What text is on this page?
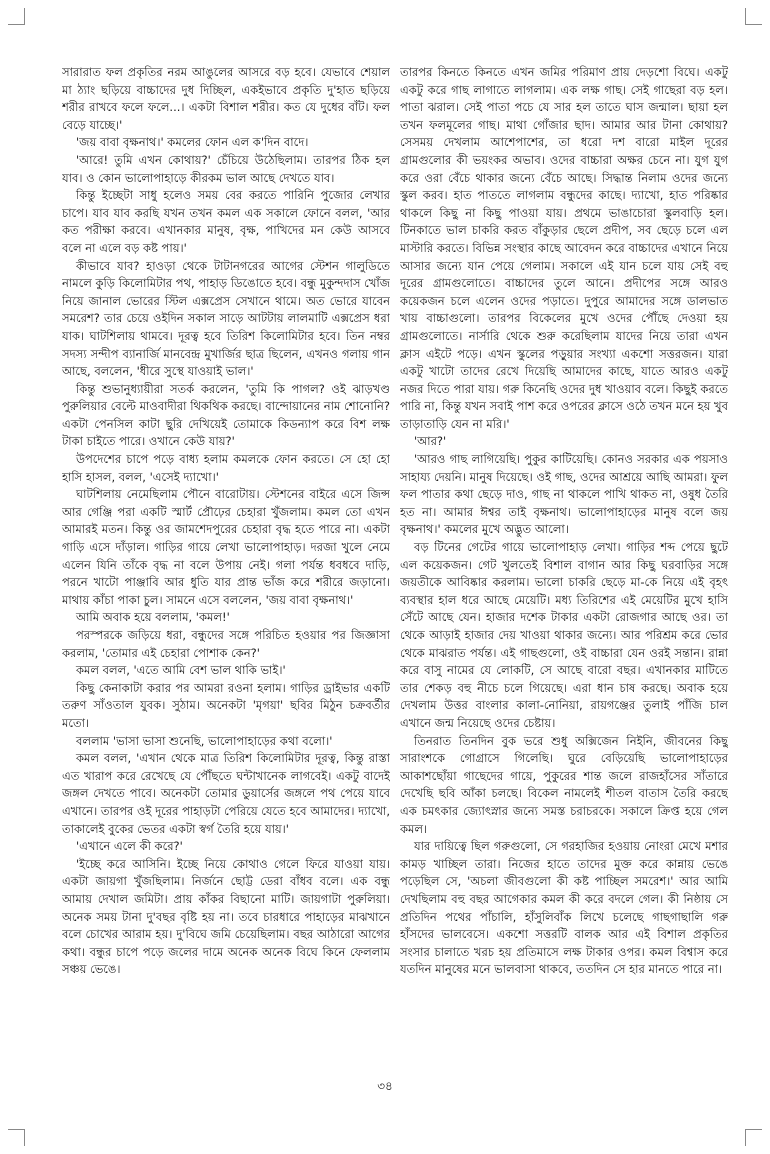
সারারাত ফল প্রকৃতির নরম আঙুলের আসরে বড় হবে। যেভাবে শেয়াল মা ঠ্যাং ছড়িয়ে বাচ্চাদের দুধ দিচ্ছিল, একইভাবে প্রকৃতি দু'হাত ছড়িয়ে শরীর রাখবে ফলে ফলে...। একটা বিশাল শরীর। কত যে দুধের বাঁট। ফল বেড়ে যাচ্ছে।'

'জয় বাবা বৃক্ষনাথ।' কমলের ফোন এল ক'দিন বাদে।

'আরে! তুমি এখন কোথায়?' চেঁচিয়ে উঠেছিলাম। তারপর ঠিক হল যাব। ও কোন ভালোপাহাড়ে কীরকম ভাল আছে দেখতে যাব।

কিন্তু ইচ্ছেটা সাধু হলেও সময় বের করতে পারিনি পুজোর লেখার চাপে। যাব যাব করছি যখন তখন কমল এক সকালে ফোনে বলল, 'আর কত পরীক্ষা করবে। এখানকার মানুষ, বৃক্ষ, পাখিদের মন কেউ আসবে বলে না এলে বড় কষ্ট পায়।'

কীভাবে যাব? হাওড়া থেকে টাটানগরের আগের স্টেশন গালুডিতে নামলে কুড়ি কিলোমিটার পথ, পাহাড় ডিঙোতে হবে। বন্ধু মুকুন্দদাস খোঁজ নিয়ে জানাল ভোরের স্টিল এক্সপ্রেস সেখানে থামে। অত ভোরে যাবেন সমরেশ? তার চেয়ে ওইদিন সকাল সাড়ে আটটায় লালমাটি এক্সপ্রেস ধরা যাক। ঘাটশিলায় থামবে। দূরত্ব হবে তিরিশ কিলোমিটার হবে। তিন নম্বর সদস্য সন্দীপ ব্যানার্জি মানবেন্দ্র মুখার্জির ছাত্র ছিলেন, এখনও গলায় গান আছে, বললেন, 'ধীরে সুস্থে যাওয়াই ভাল।'

কিন্তু শুভানুধ্যায়ীরা সতর্ক করলেন, 'তুমি কি পাগল? ওই ঝাড়খণ্ড পুরুলিয়ার বেল্টে মাওবাদীরা থিকথিক করছে। বান্দোয়ানের নাম শোনোনি? একটা পেনসিল কাটা ছুরি দেখিয়েই তোমাকে কিডন্যাপ করে বিশ লক্ষ টাকা চাইতে পারে। ওখানে কেউ যায়?'

উপদেশের চাপে পড়ে বাধ্য হলাম কমলকে ফোন করতে। সে হো হো হাসি হাসল, বলল, 'এসেই দ্যাখো।'

ঘাটশিলায় নেমেছিলাম পৌনে বারোটায়। স্টেশনের বাইরে এসে জিন্স আর গেঞ্জি পরা একটি স্মার্ট প্রৌঢ়ের চেহারা খুঁজলাম। কমল তো এখন আমারই মতন। কিন্তু ওর জামশেদপুরের চেহারা বৃদ্ধ হতে পারে না। একটা গাড়ি এসে দাঁড়াল। গাড়ির গায়ে লেখা ভালোপাহাড়। দরজা খুলে নেমে এলেন যিনি তাঁকে বৃদ্ধ না বলে উপায় নেই। গলা পর্যন্ত ধবধবে দাড়ি, পরনে খাটো পাঞ্জাবি আর ধুতি যার প্রান্ত ভাঁজ করে শরীরে জড়ানো। মাথায় কাঁচা পাকা চুল। সামনে এসে বললেন, 'জয় বাবা বৃক্ষনাথ।'

আমি অবাক হয়ে বললাম, 'কমল!'

পরস্পরকে জড়িয়ে ধরা, বন্ধুদের সঙ্গে পরিচিত হওয়ার পর জিজ্ঞাসা করলাম, 'তোমার এই চেহারা পোশাক কেন?'

কমল বলল, 'এতে আমি বেশ ভাল থাকি ভাই।'

কিছু কেনাকাটা করার পর আমরা রওনা হলাম। গাড়ির ড্রাইভার একটি তরুণ সাঁওতাল যুবক। সুঠাম। অনেকটা 'মৃগয়া' ছবির মিঠুন চক্রবর্তীর মতো।

বললাম 'ভাসা ভাসা শুনেছি, ভালোপাহাড়ের কথা বলো।'

কমল বলল, 'এখান থেকে মাত্র তিরিশ কিলোমিটার দূরত্ব, কিন্তু রাস্তা এত খারাপ করে রেখেছে যে পৌঁছতে ঘন্টাখানেক লাগবেই। একটু বাদেই জঙ্গল দেখতে পাবে। অনেকটা তোমার ডুয়ার্সের জঙ্গলে পথ পেয়ে যাবে এখানে। তারপর ওই দূরের পাহাড়টা পেরিয়ে যেতে হবে আমাদের। দ্যাখো, তাকালেই বুকের ভেতর একটা স্বর্গ তৈরি হয়ে যায়।'

'এখানে এলে কী করে?'

'ইচ্ছে করে আসিনি। ইচ্ছে নিয়ে কোথাও গেলে ফিরে যাওয়া যায়। একটা জায়গা খুঁজছিলাম। নির্জনে ছোট্ট ডেরা বাঁধব বলে। এক বন্ধু আমায় দেখাল জমিটা। প্রায় কাঁকর বিছানো মাটি। জায়গাটা পুরুলিয়া। অনেক সময় টানা দু'বছর বৃষ্টি হয় না। তবে চারধারে পাহাড়ের মাঝখানে বলে চোখের আরাম হয়। দু'বিঘে জমি চেয়েছিলাম। বছর আঠারো আগের কথা। বন্ধুর চাপে পড়ে জলের দামে অনেক অনেক বিঘে কিনে ফেললাম সঞ্চয় ভেঙে।

তারপর কিনতে কিনতে এখন জমির পরিমাণ প্রায় দেড়শো বিঘে। একটু একটু করে গাছ লাগাতে লাগলাম। এক লক্ষ গাছ। সেই গাছেরা বড় হল। পাতা ঝরাল। সেই পাতা পচে যে সার হল তাতে ঘাস জন্মাল। ছায়া হল তখন ফলমূলের গাছ। মাথা গোঁজার ছাদ। আমার আর টানা কোথায়? সেসময় দেখলাম আশেপাশের, তা ধরো দশ বারো মাইল দূরের গ্রামগুলোর কী ভয়ংকর অভাব। ওদের বাচ্চারা অক্ষর চেনে না। যুগ যুগ করে ওরা বেঁচে থাকার জন্যে বেঁচে আছে। সিদ্ধান্ত নিলাম ওদের জন্যে স্কুল করব। হাত পাততে লাগলাম বন্ধুদের কাছে। দ্যাখো, হাত পরিষ্কার থাকলে কিছু না কিছু পাওয়া যায়। প্রথমে ভাঙাচোরা স্কুলবাড়ি হল। টিনকাতে ভাল চাকরি করত বাঁকুড়ার ছেলে প্রদীপ, সব ছেড়ে চলে এল মাস্টারি করতে। বিভিন্ন সংস্থার কাছে আবেদন করে বাচ্চাদের এখানে নিয়ে আসার জন্যে যান পেয়ে গেলাম। সকালে এই যান চলে যায় সেই বহু দূরের গ্রামগুলোতে। বাচ্চাদের তুলে আনে। প্রদীপের সঙ্গে আরও কয়েকজন চলে এলেন ওদের পড়াতে। দুপুরে আমাদের সঙ্গে ডালভাত খায় বাচ্চাগুলো। তারপর বিকেলের মুখে ওদের পৌঁছে দেওয়া হয় গ্রামগুলোতে। নার্সারি থেকে শুরু করেছিলাম যাদের নিয়ে তারা এখন ক্লাস এইটে পড়ে। এখন স্কুলের পড়ুয়ার সংখ্যা একশো সত্তরজন। যারা একটু খাটো তাদের রেখে দিয়েছি আমাদের কাছে, যাতে আরও একটু নজর দিতে পারা যায়। গরু কিনেছি ওদের দুধ খাওয়াব বলে। কিছুই করতে পারি না, কিন্তু যখন সবাই পাশ করে ওপরের ক্লাসে ওঠে তখন মনে হয় খুব তাড়াতাড়ি যেন না মরি।'

'আর?'

'আরও গাছ লাগিয়েছি। পুকুর কাটিয়েছি। কোনও সরকার এক পয়সাও সাহায্য দেয়নি। মানুষ দিয়েছে। ওই গাছ, ওদের আশ্রয়ে আছি আমরা। ফুল ফল পাতার কথা ছেড়ে দাও, গাছ না থাকলে পাখি থাকত না, ওষুধ তৈরি হত না। আমার ঈশ্বর তাই বৃক্ষনাথ। ভালোপাহাড়ের মানুষ বলে জয় বৃক্ষনাথ।' কমলের মুখে অদ্ভুত আলো।

বড় টিনের গেটের গায়ে ভালোপাহাড় লেখা। গাড়ির শব্দ পেয়ে ছুটে এল কয়েকজন। গেট খুলতেই বিশাল বাগান আর কিছু ঘরবাড়ির সঙ্গে জয়তীকে আবিষ্কার করলাম। ভালো চাকরি ছেড়ে মা-কে নিয়ে এই বৃহৎ ব্যবস্থার হাল ধরে আছে মেয়েটি। মধ্য তিরিশের এই মেয়েটির মুখে হাসি সেঁটে আছে যেন। হাজার দশেক টাকার একটা রোজগার আছে ওর। তা থেকে আড়াই হাজার দেয় খাওয়া থাকার জন্যে। আর পরিশ্রম করে ভোর থেকে মাঝরাত পর্যন্ত। এই গাছগুলো, ওই বাচ্চারা যেন ওরই সন্তান। রান্না করে বাসু নামের যে লোকটি, সে আছে বারো বছর। এখানকার মাটিতে তার শেকড় বহু নীচে চলে গিয়েছে। এরা ধান চাষ করছে। অবাক হয়ে দেখলাম উত্তর বাংলার কালা-নোনিয়া, রায়গঞ্জের তুলাই পাঁজি চাল এখানে জন্ম নিয়েছে ওদের চেষ্টায়।

তিনরাত তিনদিন বুক ভরে শুধু অক্সিজেন নিইনি, জীবনের কিছু সারাংশকে গোগ্রাসে গিলেছি। ঘুরে বেড়িয়েছি ভালোপাহাড়ের আকাশছোঁয়া গাছেদের গায়ে, পুকুরের শান্ত জলে রাজহাঁসের সাঁতারে দেখেছি ছবি আঁকা চলছে। বিকেল নামলেই শীতল বাতাস তৈরি করছে এক চমৎকার জ্যোৎস্নার জন্যে সমস্ত চরাচরকে। সকালে ক্রিপ্ত হয়ে গেল কমল।

যার দায়িত্বে ছিল গরুগুলো, সে গরহাজির হওয়ায় নোংরা মেখে মশার কামড় খাচ্ছিল তারা। নিজের হাতে তাদের মুক্ত করে কান্নায় ভেঙে পড়েছিল সে, 'অচলা জীবগুলো কী কষ্ট পাচ্ছিল সমরেশ।' আর আমি দেখছিলাম বহু বছর আগেকার কমল কী করে বদলে গেল। কী নিষ্ঠায় সে প্রতিদিন পথের পাঁচালি, হাঁসুলিবাঁক লিখে চলেছে গাছগাছালি গরু হাঁসদের ভালবেসে। একশো সত্তরটি বালক আর এই বিশাল প্রকৃতির সংসার চালাতে খরচ হয় প্রতিমাসে লক্ষ টাকার ওপর। কমল বিশ্বাস করে যতদিন মানুষের মনে ভালবাসা থাকবে, ততদিন সে হার মানতে পারে না।

৩৪
